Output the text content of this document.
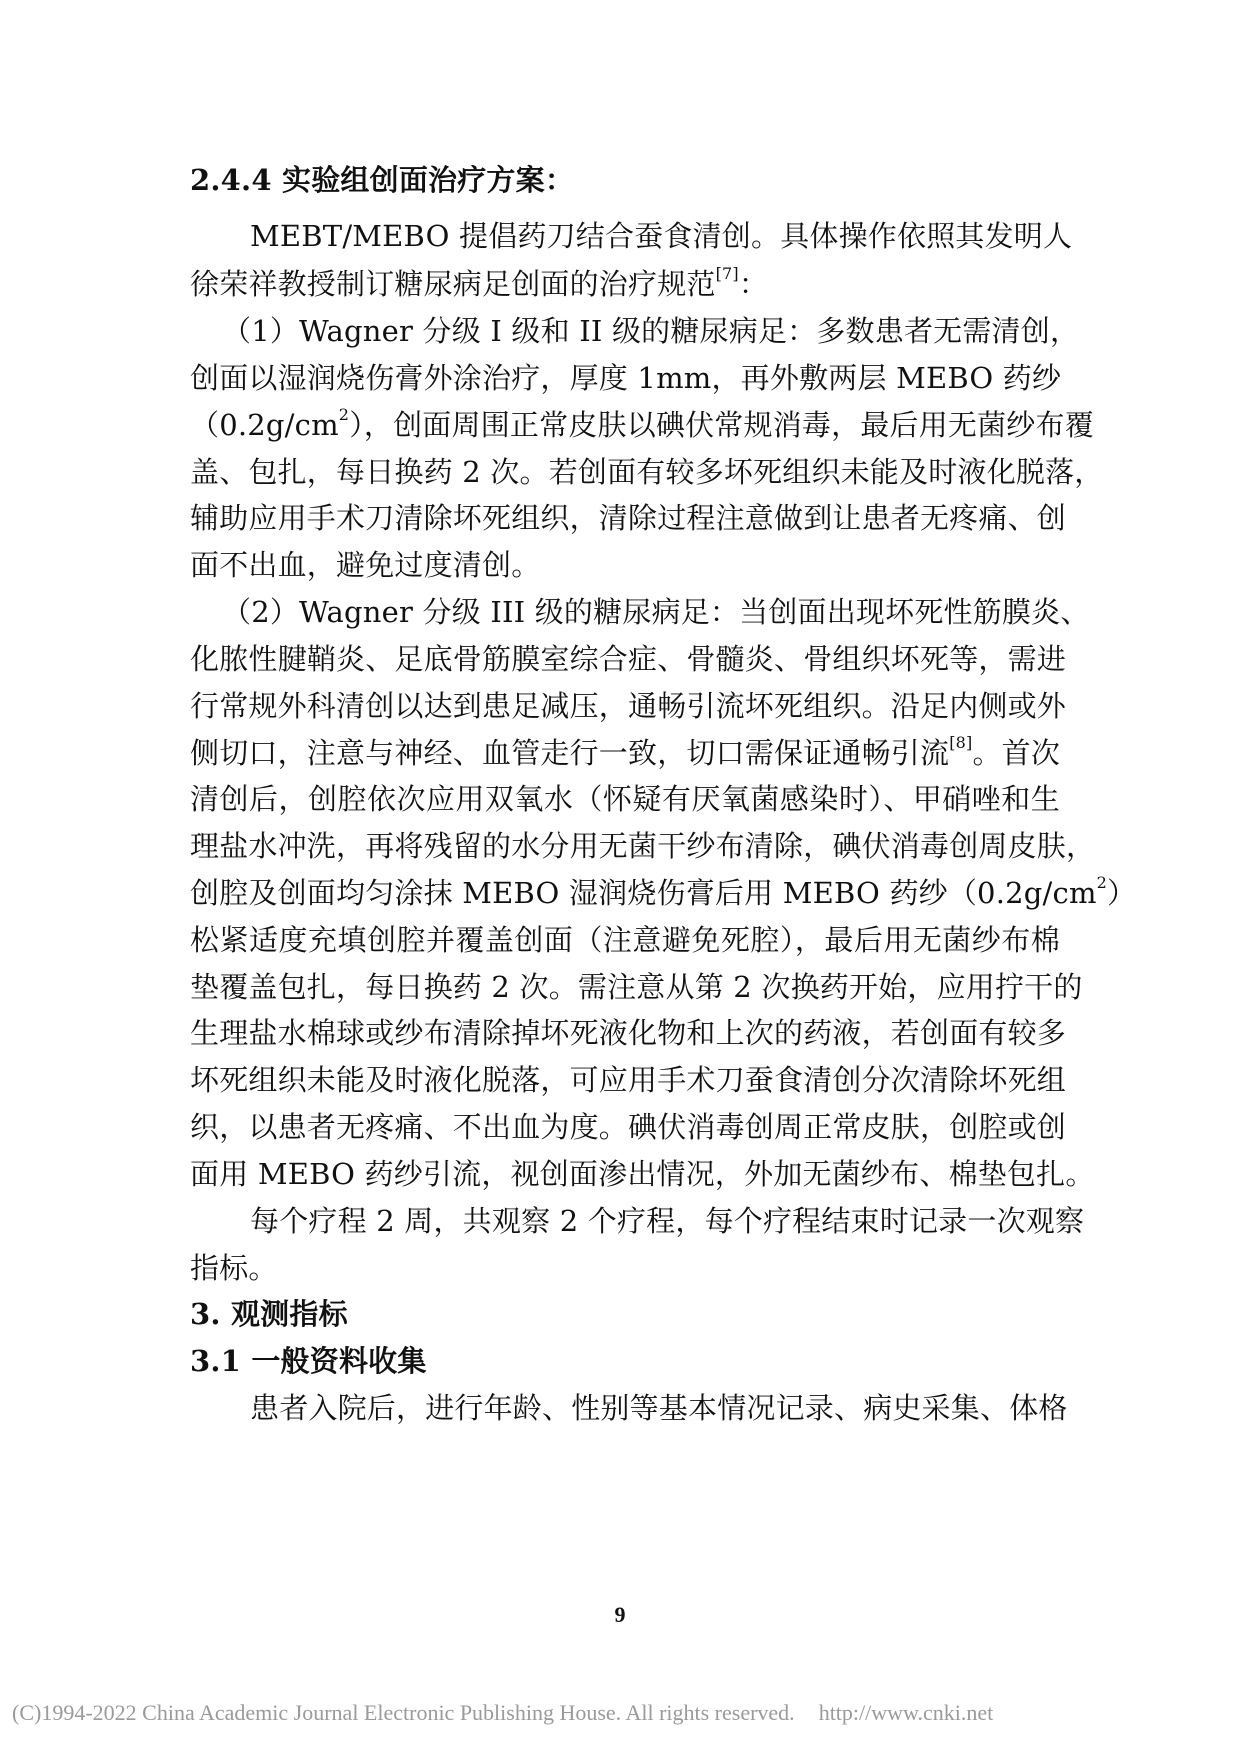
2.4.4 实验组创面治疗方案：
MEBT/MEBO 提倡药刀结合蚕食清创。具体操作依照其发明人
徐荣祥教授制订糖尿病足创面的治疗规范[7]：
（1）Wagner 分级 I 级和 II 级的糖尿病足：多数患者无需清创，
创面以湿润烧伤膏外涂治疗，厚度 1mm，再外敷两层 MEBO 药纱
$(0.2g/cm^2)$，创面周围正常皮肤以碘伏常规消毒，最后用无菌纱布覆
盖、包扎，每日换药 2 次。若创面有较多坏死组织未能及时液化脱落，
辅助应用手术刀清除坏死组织，清除过程注意做到让患者无疼痛、创
面不出血，避免过度清创。
（2）Wagner 分级 III 级的糖尿病足：当创面出现坏死性筋膜炎、
化脓性腱鞘炎、足底骨筋膜室综合症、骨髓炎、骨组织坏死等，需进
行常规外科清创以达到患足减压，通畅引流坏死组织。沿足内侧或外
侧切口，注意与神经、血管走行一致，切口需保证通畅引流[8]。首次
清创后，创腔依次应用双氧水（怀疑有厌氧菌感染时）、甲硝唑和生
理盐水冲洗，再将残留的水分用无菌干纱布清除，碘伏消毒创周皮肤，
创腔及创面均匀涂抹 MEBO 湿润烧伤膏后用 MEBO 药纱$(0.2g/cm^2)$
松紧适度充填创腔并覆盖创面（注意避免死腔），最后用无菌纱布棉
垫覆盖包扎，每日换药 2 次。需注意从第 2 次换药开始，应用拧干的
生理盐水棉球或纱布清除掉坏死液化物和上次的药液，若创面有较多
坏死组织未能及时液化脱落，可应用手术刀蚕食清创分次清除坏死组
织，以患者无疼痛、不出血为度。碘伏消毒创周正常皮肤，创腔或创
面用 MEBO 药纱引流，视创面渗出情况，外加无菌纱布、棉垫包扎。
每个疗程 2 周，共观察 2 个疗程，每个疗程结束时记录一次观察
指标。
3. 观测指标
3.1 一般资料收集
患者入院后，进行年龄、性别等基本情况记录、病史采集、体格
9
(C)1994-2022 China Academic Journal Electronic Publishing House. All rights reserved. http://www.cnki.net
